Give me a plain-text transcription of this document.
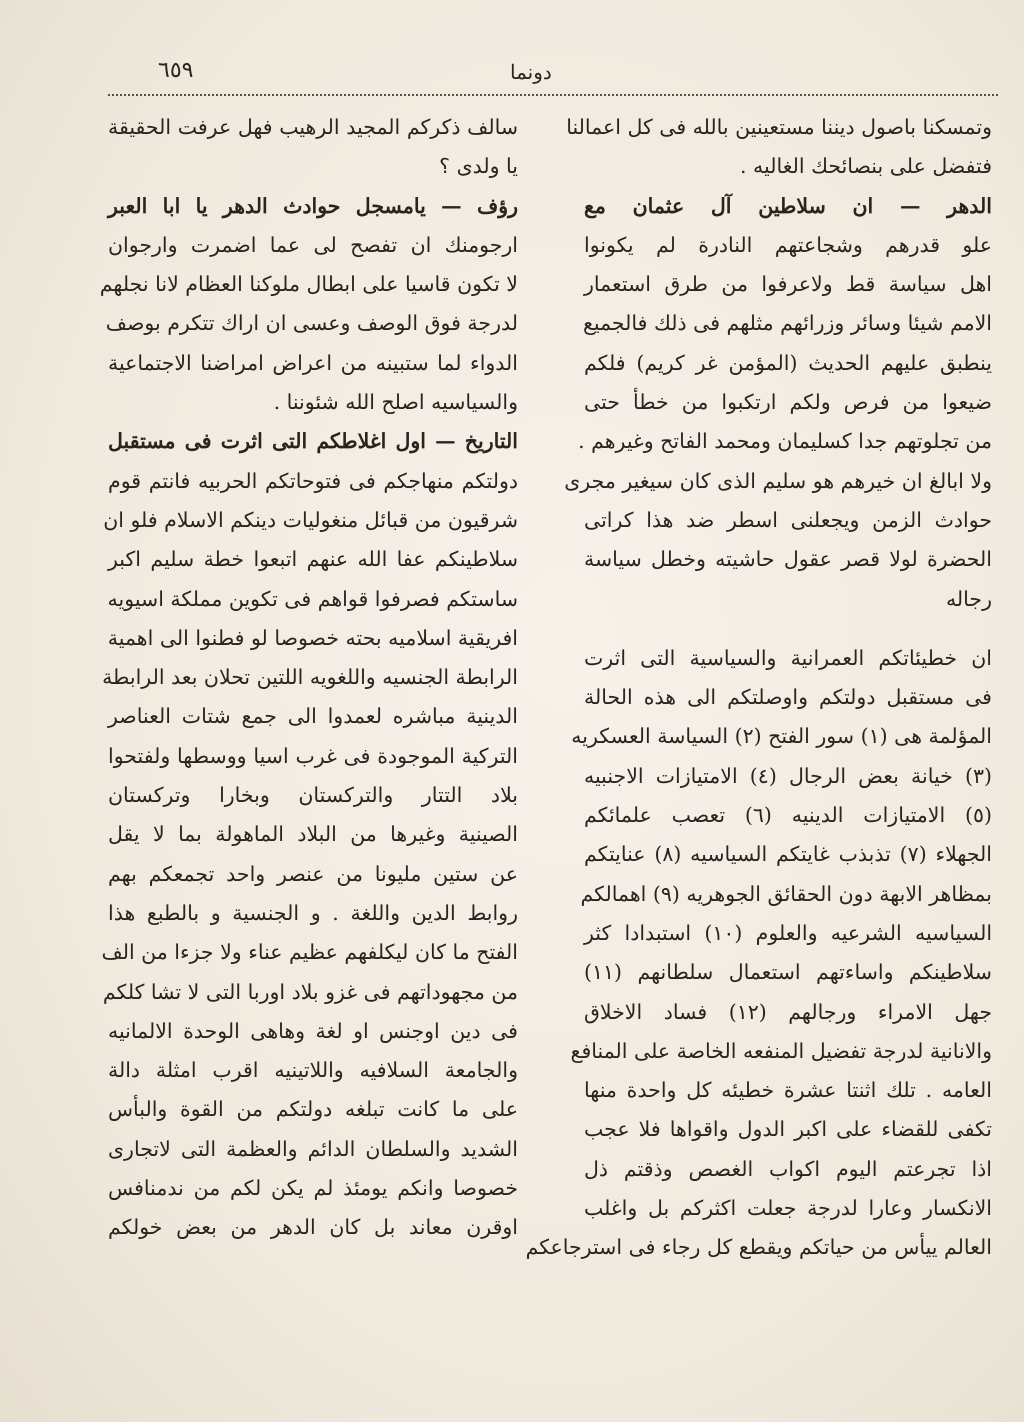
٦٥٩	دونما
وتمسكنا باصول ديننا مستعينين بالله فى كل اعمالنا
فتفضل على بنصائحك الغاليه .
الدهر — ان سلاطين آل عثمان مع
علو قدرهم وشجاعتهم النادرة لم يكونوا
اهل سياسة قط ولاعرفوا من طرق استعمار
الامم شيئا وسائر وزرائهم مثلهم فى ذلك فالجميع
ينطبق عليهم الحديث (المؤمن غر كريم) فلكم
ضيعوا من فرص ولكم ارتكبوا من خطأ حتى
من تجلوتهم جدا كسليمان ومحمد الفاتح وغيرهم .
ولا ابالغ ان خيرهم هو سليم الذى كان سيغير مجرى
حوادث الزمن ويجعلنى اسطر ضد هذا كراتى
الحضرة لولا قصر عقول حاشيته وخطل سياسة
رجاله
ان خطيئاتكم العمرانية والسياسية التى اثرت
فى مستقبل دولتكم واوصلتكم الى هذه الحالة
المؤلمة هى (١) سور الفتح (٢) السياسة العسكريه
(٣) خيانة بعض الرجال (٤) الامتيازات الاجنبيه
(٥) الامتيازات الدينيه (٦) تعصب علمائكم
الجهلاء (٧) تذبذب غايتكم السياسيه (٨) عنايتكم
بمظاهر الابهة دون الحقائق الجوهريه (٩) اهمالكم
السياسيه الشرعيه والعلوم (١٠) استبدادا كثر
سلاطينكم واساءتهم استعمال سلطانهم (١١)
جهل الامراء ورجالهم (١٢) فساد الاخلاق
والانانية لدرجة تفضيل المنفعه الخاصة على المنافع
العامه . تلك اثنتا عشرة خطيئه كل واحدة منها
تكفى للقضاء على اكبر الدول واقواها فلا عجب
اذا تجرعتم اليوم اكواب الغصص وذقتم ذل
الانكسار وعارا لدرجة جعلت اكثركم بل واغلب
العالم ييأس من حياتكم ويقطع كل رجاء فى استرجاعكم
سالف ذكركم المجيد الرهيب فهل عرفت الحقيقة
يا ولدى ؟
رؤف — يامسجل حوادث الدهر يا ابا العبر
ارجومنك ان تفصح لى عما اضمرت وارجوان
لا تكون قاسيا على ابطال ملوكنا العظام لانا نجلهم
لدرجة فوق الوصف وعسى ان اراك تتكرم بوصف
الدواء لما ستبينه من اعراض امراضنا الاجتماعية
والسياسيه اصلح الله شئوننا .
التاريخ — اول اغلاطكم التى اثرت فى مستقبل
دولتكم منهاجكم فى فتوحاتكم الحربيه فانتم قوم
شرقيون من قبائل منغوليات دينكم الاسلام فلو ان
سلاطينكم عفا الله عنهم اتبعوا خطة سليم اكبر
ساستكم فصرفوا قواهم فى تكوين مملكة اسيويه
افريقية اسلاميه بحته خصوصا لو فطنوا الى اهمية
الرابطة الجنسيه واللغويه اللتين تحلان بعد الرابطة
الدينية مباشره لعمدوا الى جمع شتات العناصر
التركية الموجودة فى غرب اسيا ووسطها ولفتحوا
بلاد التتار والتركستان وبخارا وتركستان
الصينية وغيرها من البلاد الماهولة بما لا يقل
عن ستين مليونا من عنصر واحد تجمعكم بهم
روابط الدين واللغة . و الجنسية و بالطبع هذا
الفتح ما كان ليكلفهم عظيم عناء ولا جزءا من الف
من مجهوداتهم فى غزو بلاد اوربا التى لا تشا كلكم
فى دين اوجنس او لغة وهاهى الوحدة الالمانيه
والجامعة السلافيه واللاتينيه اقرب امثلة دالة
على ما كانت تبلغه دولتكم من القوة والبأس
الشديد والسلطان الدائم والعظمة التى لاتجارى
خصوصا وانكم يومئذ لم يكن لكم من ندمنافس
اوقرن معاند بل كان الدهر من بعض خولكم
